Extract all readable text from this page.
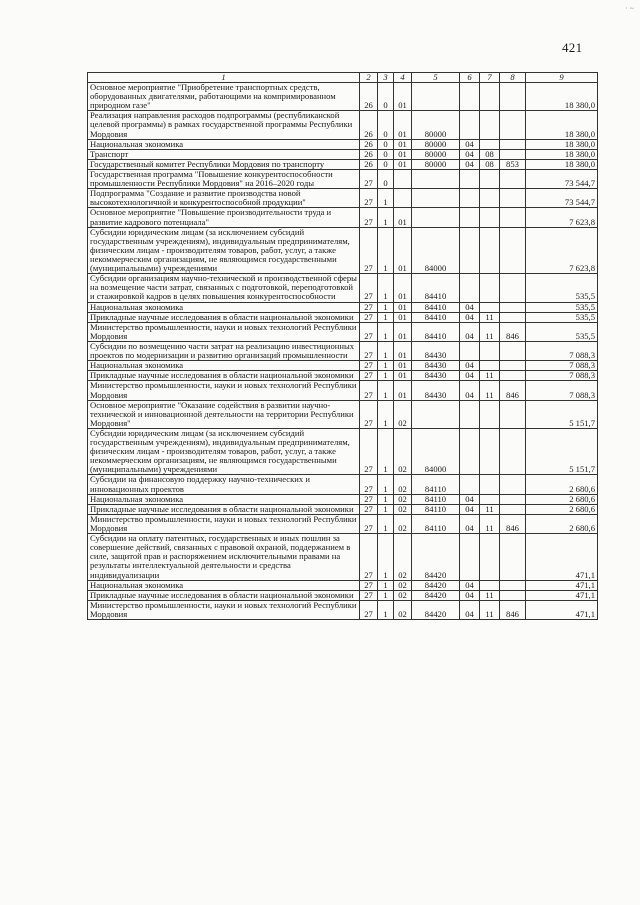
· ~
421
1	2	3	4	5	6	7	8	9
Основное мероприятие "Приобретение транспортных средств, оборудованных двигателями, работающими на компримированном природном газе"	26	0	01					18 380,0
Реализация направления расходов подпрограммы (республиканской целевой программы) в рамках государственной программы Республики Мордовия	26	0	01	80000				18 380,0
Национальная экономика	26	0	01	80000	04			18 380,0
Транспорт	26	0	01	80000	04	08		18 380,0
Государственный комитет Республики Мордовия по транспорту	26	0	01	80000	04	08	853	18 380,0
Государственная программа "Повышение конкурентоспособности промышленности Республики Мордовия" на 2016–2020 годы	27	0						73 544,7
Подпрограмма "Создание и развитие производства новой высокотехнологичной и конкурентоспособной продукции"	27	1						73 544,7
Основное мероприятие "Повышение производительности труда и развитие кадрового потенциала"	27	1	01					7 623,8
Субсидии юридическим лицам (за исключением субсидий государственным учреждениям), индивидуальным предпринимателям, физическим лицам - производителям товаров, работ, услуг, а также некоммерческим организациям, не являющимся государственными (муниципальными) учреждениями	27	1	01	84000				7 623,8
Субсидии организациям научно-технической и производственной сферы на возмещение части затрат, связанных с подготовкой, переподготовкой и стажировкой кадров в целях повышения конкурентоспособности	27	1	01	84410				535,5
Национальная экономика	27	1	01	84410	04			535,5
Прикладные научные исследования в области национальной экономики	27	1	01	84410	04	11		535,5
Министерство промышленности, науки и новых технологий Республики Мордовия	27	1	01	84410	04	11	846	535,5
Субсидии по возмещению части затрат на реализацию инвестиционных проектов по модернизации и развитию организаций промышленности	27	1	01	84430				7 088,3
Национальная экономика	27	1	01	84430	04			7 088,3
Прикладные научные исследования в области национальной экономики	27	1	01	84430	04	11		7 088,3
Министерство промышленности, науки и новых технологий Республики Мордовия	27	1	01	84430	04	11	846	7 088,3
Основное мероприятие "Оказание содействия в развитии научно-технической и инновационной деятельности на территории Республики Мордовия"	27	1	02					5 151,7
Субсидии юридическим лицам (за исключением субсидий государственным учреждениям), индивидуальным предпринимателям, физическим лицам - производителям товаров, работ, услуг, а также некоммерческим организациям, не являющимся государственными (муниципальными) учреждениями	27	1	02	84000				5 151,7
Субсидии на финансовую поддержку научно-технических и инновационных проектов	27	1	02	84110				2 680,6
Национальная экономика	27	1	02	84110	04			2 680,6
Прикладные научные исследования в области национальной экономики	27	1	02	84110	04	11		2 680,6
Министерство промышленности, науки и новых технологий Республики Мордовия	27	1	02	84110	04	11	846	2 680,6
Субсидии на оплату патентных, государственных и иных пошлин за совершение действий, связанных с правовой охраной, поддержанием в силе, защитой прав и распоряжением исключительными правами на результаты интеллектуальной деятельности и средства индивидуализации	27	1	02	84420				471,1
Национальная экономика	27	1	02	84420	04			471,1
Прикладные научные исследования в области национальной экономики	27	1	02	84420	04	11		471,1
Министерство промышленности, науки и новых технологий Республики Мордовия	27	1	02	84420	04	11	846	471,1
